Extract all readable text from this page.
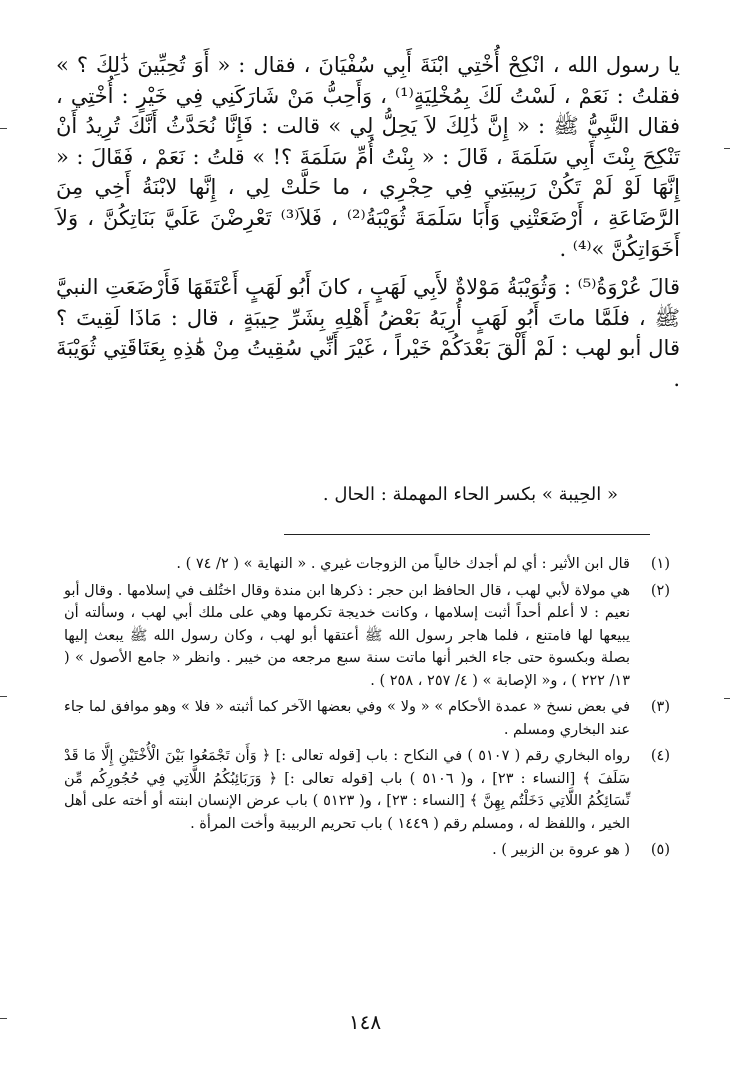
يا رسول الله ، انْكِحْ أُخْتِي ابْنَةَ أَبِي سُفْيَانَ ، فقال : « أَوَ تُحِبِّينَ ذَٰلِكَ ؟ » فقلتُ : نَعَمْ ، لَسْتُ لَكَ بِمُخْلِيَةٍ⁽¹⁾ ، وَأَحِبُّ مَنْ شَارَكَنِي فِي خَيْرٍ : أُخْتِي ، فقال النَّبِيُّ ﷺ : « إِنَّ ذَٰلِكَ لاَ يَحِلُّ لِي » قالت : فَإِنَّا نُحَدَّثُ أَنَّكَ تُرِيدُ أَنْ تَنْكِحَ بِنْتَ أَبِي سَلَمَةَ ، قَالَ : « بِنْتُ أُمِّ سَلَمَةَ ؟! » قلتُ : نَعَمْ ، فَقَالَ : « إِنَّهَا لَوْ لَمْ تَكُنْ رَبِيبَتِي فِي حِجْرِي ، ما حَلَّتْ لِي ، إِنَّها لابْنَةُ أَخِي مِنَ الرَّضَاعَةِ ، أَرْضَعَتْنِي وَأَبَا سَلَمَةَ ثُوَيْبَةُ⁽²⁾ ، فَلاَ⁽³⁾ تَعْرِضْنَ عَلَيَّ بَنَاتِكُنَّ ، وَلاَ أَخَوَاتِكُنَّ »⁽⁴⁾ .

قالَ عُرْوَةُ⁽⁵⁾ : وَثُوَيْبَةُ مَوْلاةٌ لأَبِي لَهَبٍ ، كانَ أَبُو لَهَبٍ أَعْتَقَهَا فَأَرْضَعَتِ النبيَّ ﷺ ، فلَمَّا ماتَ أَبُو لَهَبٍ أُرِيَهُ بَعْضُ أَهْلِهِ بِشَرِّ حِيبَةٍ ، قال : مَاذَا لَقِيتَ ؟ قال أبو لهب : لَمْ أَلْقَ بَعْدَكُمْ خَيْراً ، غَيْرَ أَنِّي سُقِيتُ مِنْ هَٰذِهِ بِعَتَاقَتِي ثُوَيْبَةَ .

« الحِيبة » بكسر الحاء المهملة : الحال .
(١)
قال ابن الأثير : أي لم أجدك خالياً من الزوجات غيري . « النهاية » ( ٢/ ٧٤ ) .
(٢)
هي مولاة لأبي لهب ، قال الحافظ ابن حجر : ذكرها ابن مندة وقال اختُلف في إسلامها . وقال أبو نعيم : لا أعلم أحداً أثبت إسلامها ، وكانت خديجة تكرمها وهي على ملك أبي لهب ، وسألته أن يبيعها لها فامتنع ، فلما هاجر رسول الله ﷺ أعتقها أبو لهب ، وكان رسول الله ﷺ يبعث إليها بصلة وبكسوة حتى جاء الخبر أنها ماتت سنة سبع مرجعه من خيبر . وانظر « جامع الأصول » ( ١٣/ ٢٢٢ ) ، و« الإصابة » ( ٤/ ٢٥٧ ، ٢٥٨ ) .
(٣)
في بعض نسخ « عمدة الأحكام » « ولا » وفي بعضها الآخر كما أثبته « فلا » وهو موافق لما جاء عند البخاري ومسلم .
(٤)
رواه البخاري رقم ( ٥١٠٧ ) في النكاح : باب [قوله تعالى :] ﴿ وَأَن تَجْمَعُوا بَيْنَ الْأُخْتَيْنِ إِلَّا مَا قَدْ سَلَفَ ﴾ [النساء : ٢٣] ، و( ٥١٠٦ ) باب [قوله تعالى :] ﴿ وَرَبَائِبُكُمُ اللَّاتِي فِي حُجُورِكُم مِّن نِّسَائِكُمُ اللَّاتِي دَخَلْتُم بِهِنَّ ﴾ [النساء : ٢٣] ، و( ٥١٢٣ ) باب عرض الإنسان ابنته أو أخته على أهل الخير ، واللفظ له ، ومسلم رقم ( ١٤٤٩ ) باب تحريم الربيبة وأخت المرأة .
(٥)
( هو عروة بن الزبير ) .
١٤٨
